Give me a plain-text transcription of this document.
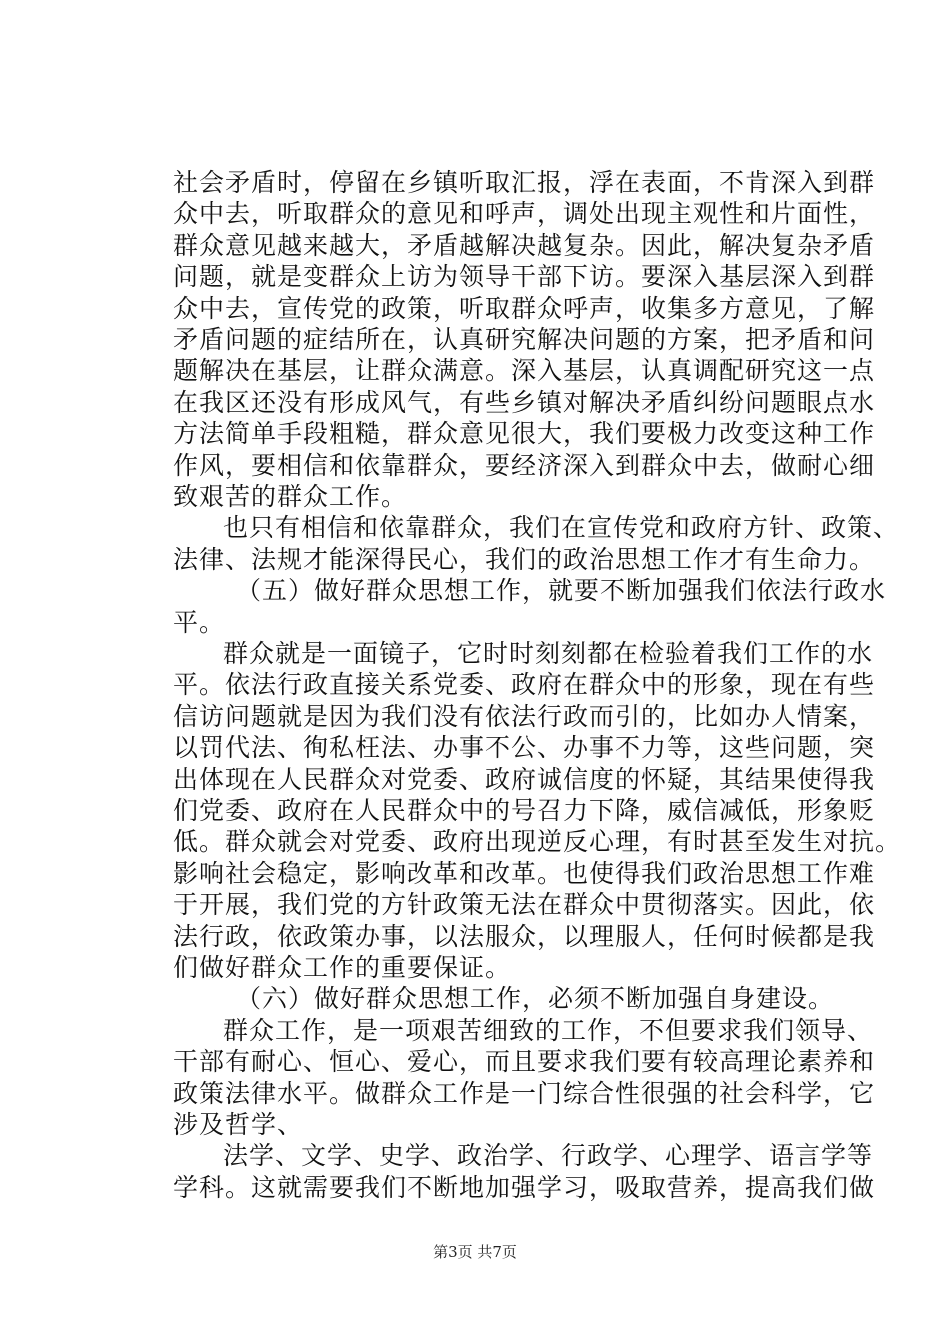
社会矛盾时，停留在乡镇听取汇报，浮在表面，不肯深入到群
众中去，听取群众的意见和呼声，调处出现主观性和片面性，
群众意见越来越大，矛盾越解决越复杂。因此，解决复杂矛盾
问题，就是变群众上访为领导干部下访。要深入基层深入到群
众中去，宣传党的政策，听取群众呼声，收集多方意见，了解
矛盾问题的症结所在，认真研究解决问题的方案，把矛盾和问
题解决在基层，让群众满意。深入基层，认真调配研究这一点
在我区还没有形成风气，有些乡镇对解决矛盾纠纷问题眼点水
方法简单手段粗糙，群众意见很大，我们要极力改变这种工作
作风，要相信和依靠群众，要经济深入到群众中去，做耐心细
致艰苦的群众工作。
也只有相信和依靠群众，我们在宣传党和政府方针、政策、
法律、法规才能深得民心，我们的政治思想工作才有生命力。
（五）做好群众思想工作，就要不断加强我们依法行政水
平。
群众就是一面镜子，它时时刻刻都在检验着我们工作的水
平。依法行政直接关系党委、政府在群众中的形象，现在有些
信访问题就是因为我们没有依法行政而引的，比如办人情案，
以罚代法、徇私枉法、办事不公、办事不力等，这些问题，突
出体现在人民群众对党委、政府诚信度的怀疑，其结果使得我
们党委、政府在人民群众中的号召力下降，威信减低，形象贬
低。群众就会对党委、政府出现逆反心理，有时甚至发生对抗。
影响社会稳定，影响改革和改革。也使得我们政治思想工作难
于开展，我们党的方针政策无法在群众中贯彻落实。因此，依
法行政，依政策办事，以法服众，以理服人，任何时候都是我
们做好群众工作的重要保证。
（六）做好群众思想工作，必须不断加强自身建设。
群众工作，是一项艰苦细致的工作，不但要求我们领导、
干部有耐心、恒心、爱心，而且要求我们要有较高理论素养和
政策法律水平。做群众工作是一门综合性很强的社会科学，它
涉及哲学、
法学、文学、史学、政治学、行政学、心理学、语言学等
学科。这就需要我们不断地加强学习，吸取营养，提高我们做
第3页 共7页
